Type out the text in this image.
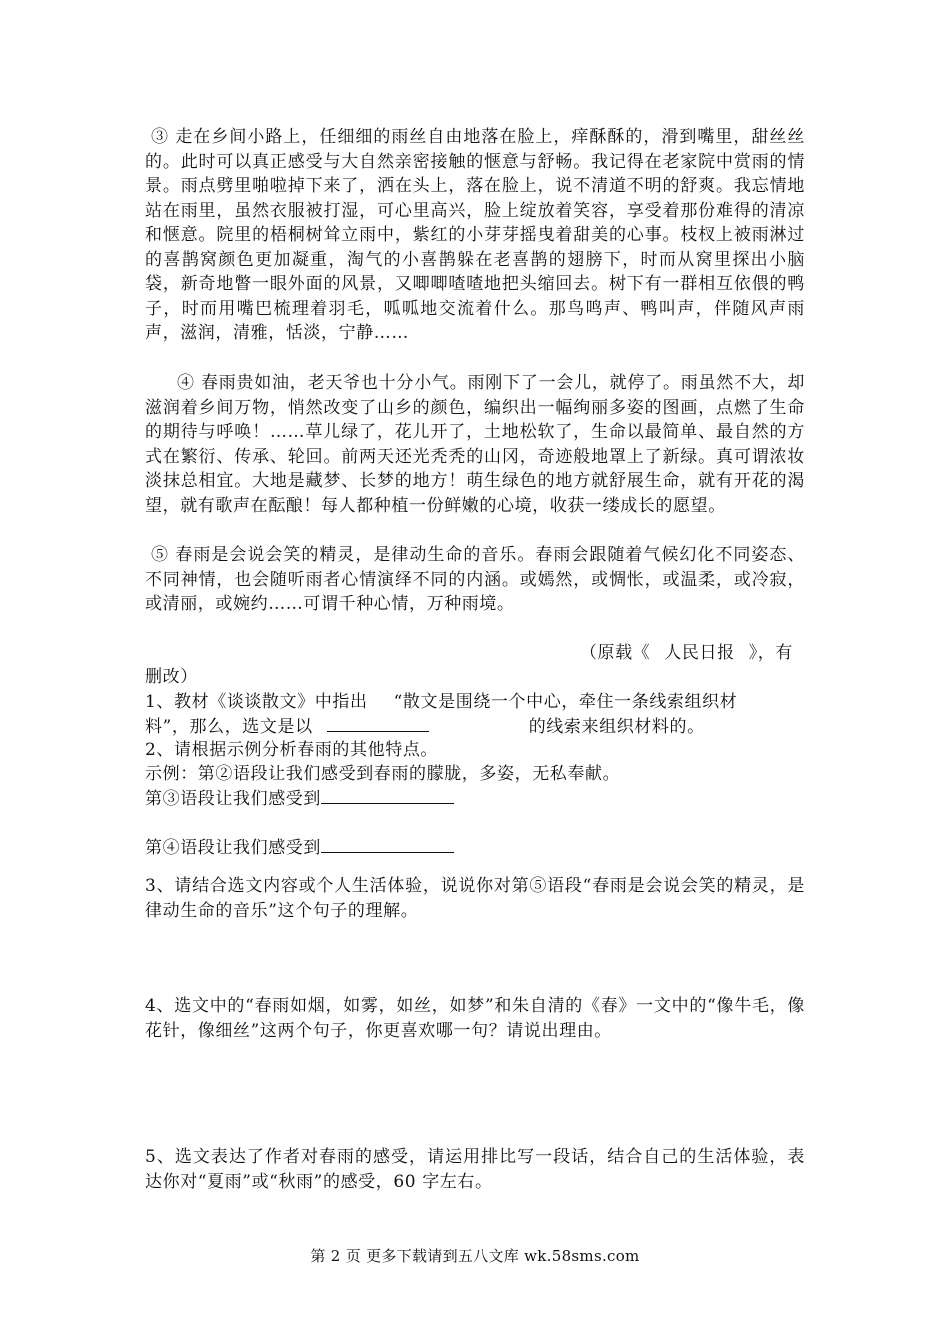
③ 走在乡间小路上，任细细的雨丝自由地落在脸上，痒酥酥的，滑到嘴里，甜丝丝的。此时可以真正感受与大自然亲密接触的惬意与舒畅。我记得在老家院中赏雨的情景。雨点劈里啪啦掉下来了，洒在头上，落在脸上，说不清道不明的舒爽。我忘情地站在雨里，虽然衣服被打湿，可心里高兴，脸上绽放着笑容，享受着那份难得的清凉和惬意。院里的梧桐树耸立雨中，紫红的小芽芽摇曳着甜美的心事。枝杈上被雨淋过的喜鹊窝颜色更加凝重，淘气的小喜鹊躲在老喜鹊的翅膀下，时而从窝里探出小脑袋，新奇地瞥一眼外面的风景，又唧唧喳喳地把头缩回去。树下有一群相互依偎的鸭子，时而用嘴巴梳理着羽毛，呱呱地交流着什么。那鸟鸣声、鸭叫声，伴随风声雨声，滋润，清雅，恬淡，宁静……

④ 春雨贵如油，老天爷也十分小气。雨刚下了一会儿，就停了。雨虽然不大，却滋润着乡间万物，悄然改变了山乡的颜色，编织出一幅绚丽多姿的图画，点燃了生命的期待与呼唤！……草儿绿了，花儿开了，土地松软了，生命以最简单、最自然的方式在繁衍、传承、轮回。前两天还光秃秃的山冈，奇迹般地罩上了新绿。真可谓浓妆淡抹总相宜。大地是藏梦、长梦的地方！萌生绿色的地方就舒展生命，就有开花的渴望，就有歌声在酝酿！每人都种植一份鲜嫩的心境，收获一缕成长的愿望。

⑤ 春雨是会说会笑的精灵，是律动生命的音乐。春雨会跟随着气候幻化不同姿态、不同神情，也会随听雨者心情演绎不同的内涵。或嫣然，或惆怅，或温柔，或冷寂，或清丽，或婉约……可谓千种心情，万种雨境。

（原载《 人民日报 》，有
删改）
1、教材《谈谈散文》中指出 “散文是围绕一个中心，牵住一条线索组织材
料”，那么，选文是以	的线索来组织材料的。
2、请根据示例分析春雨的其他特点。
示例：第②语段让我们感受到春雨的朦胧，多姿，无私奉献。
第③语段让我们感受到
第④语段让我们感受到

3、请结合选文内容或个人生活体验，说说你对第⑤语段“春雨是会说会笑的精灵，是律动生命的音乐”这个句子的理解。

4、选文中的“春雨如烟，如雾，如丝，如梦”和朱自清的《春》一文中的“像牛毛，像花针，像细丝”这两个句子，你更喜欢哪一句？请说出理由。

5、选文表达了作者对春雨的感受，请运用排比写一段话，结合自己的生活体验，表达你对“夏雨”或“秋雨”的感受，60 字左右。

第 2 页 更多下载请到五八文库 wk.58sms.com
